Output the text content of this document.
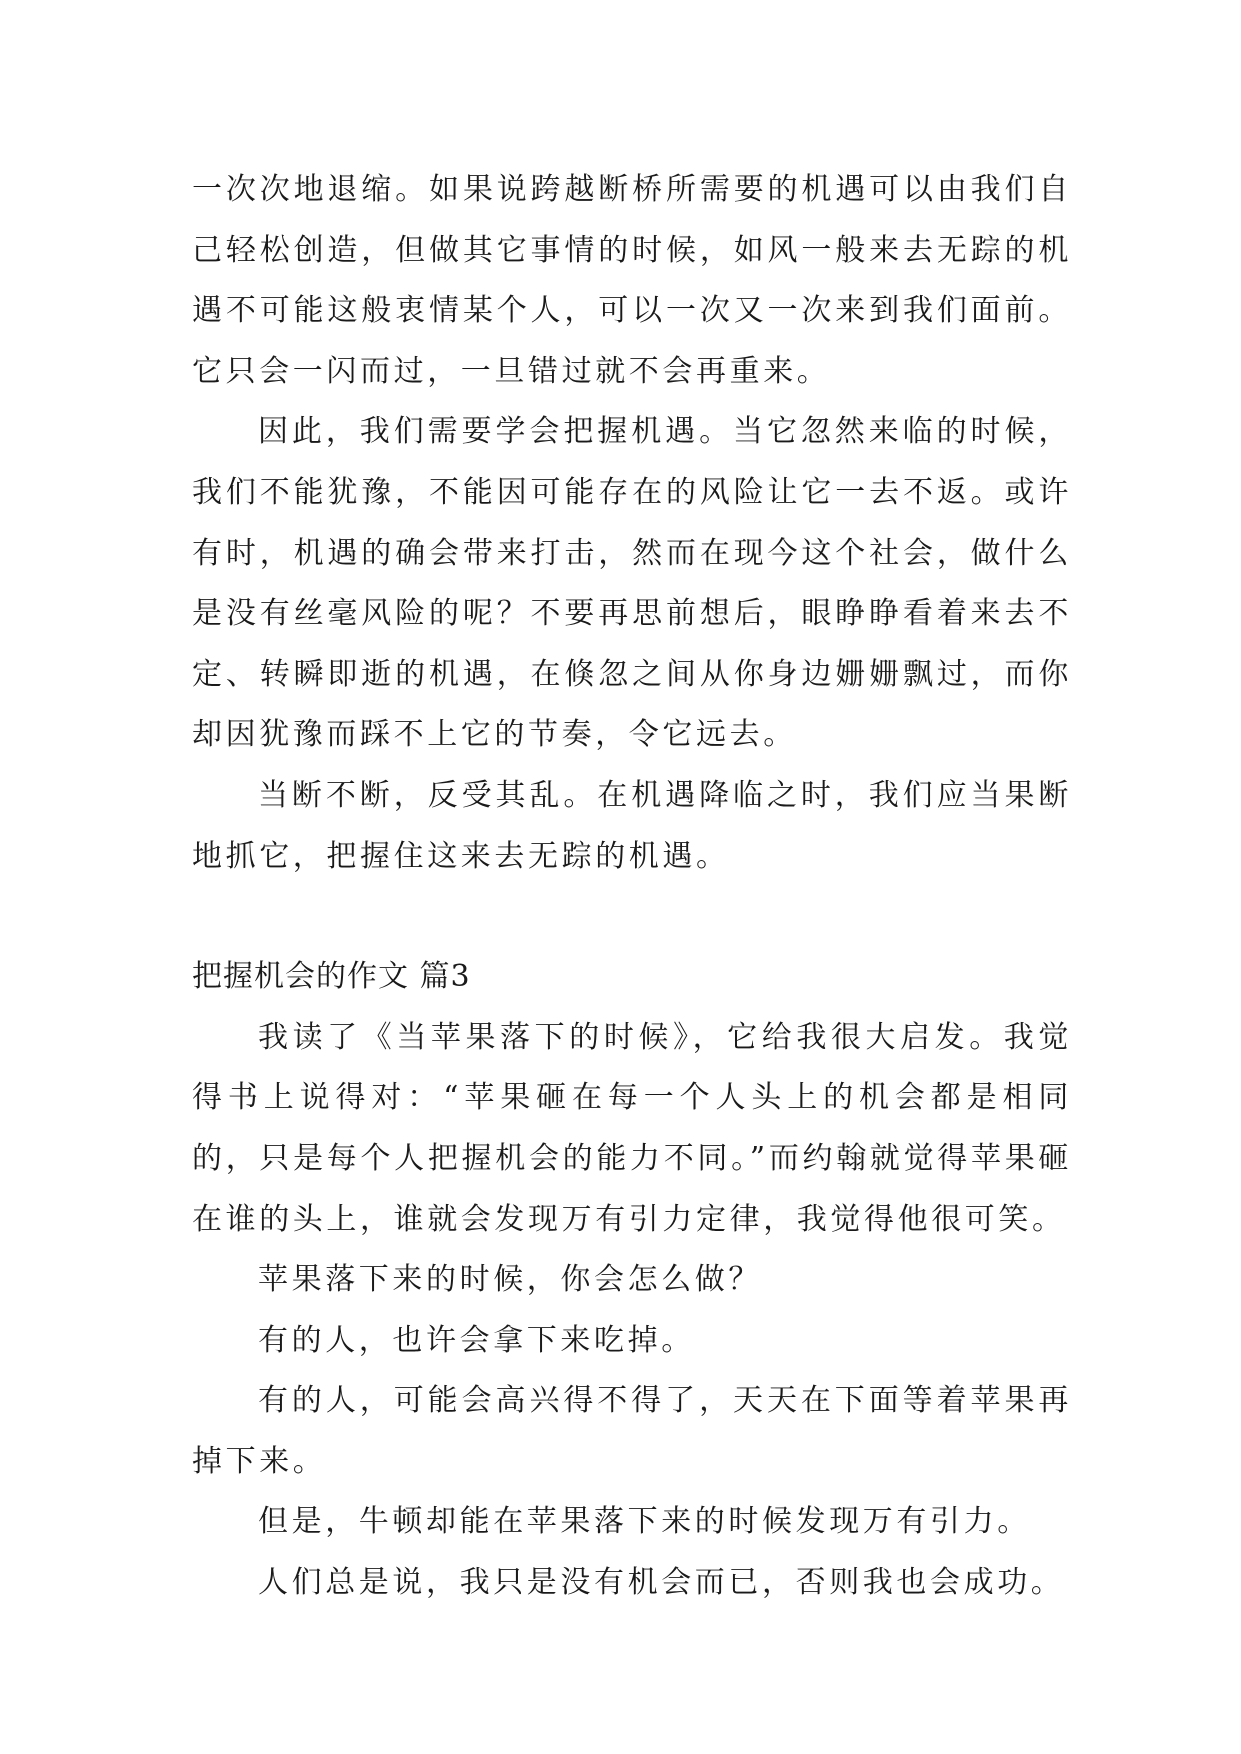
一次次地退缩。如果说跨越断桥所需要的机遇可以由我们自己轻松创造，但做其它事情的时候，如风一般来去无踪的机遇不可能这般衷情某个人，可以一次又一次来到我们面前。它只会一闪而过，一旦错过就不会再重来。

因此，我们需要学会把握机遇。当它忽然来临的时候，我们不能犹豫，不能因可能存在的风险让它一去不返。或许有时，机遇的确会带来打击，然而在现今这个社会，做什么是没有丝毫风险的呢？不要再思前想后，眼睁睁看着来去不定、转瞬即逝的机遇，在倏忽之间从你身边姗姗飘过，而你却因犹豫而踩不上它的节奏，令它远去。

当断不断，反受其乱。在机遇降临之时，我们应当果断地抓它，把握住这来去无踪的机遇。

把握机会的作文 篇3

我读了《当苹果落下的时候》，它给我很大启发。我觉得书上说得对：“苹果砸在每一个人头上的机会都是相同的，只是每个人把握机会的能力不同。”而约翰就觉得苹果砸在谁的头上，谁就会发现万有引力定律，我觉得他很可笑。

苹果落下来的时候，你会怎么做？

有的人，也许会拿下来吃掉。

有的人，可能会高兴得不得了，天天在下面等着苹果再掉下来。

但是，牛顿却能在苹果落下来的时候发现万有引力。

人们总是说，我只是没有机会而已，否则我也会成功。
